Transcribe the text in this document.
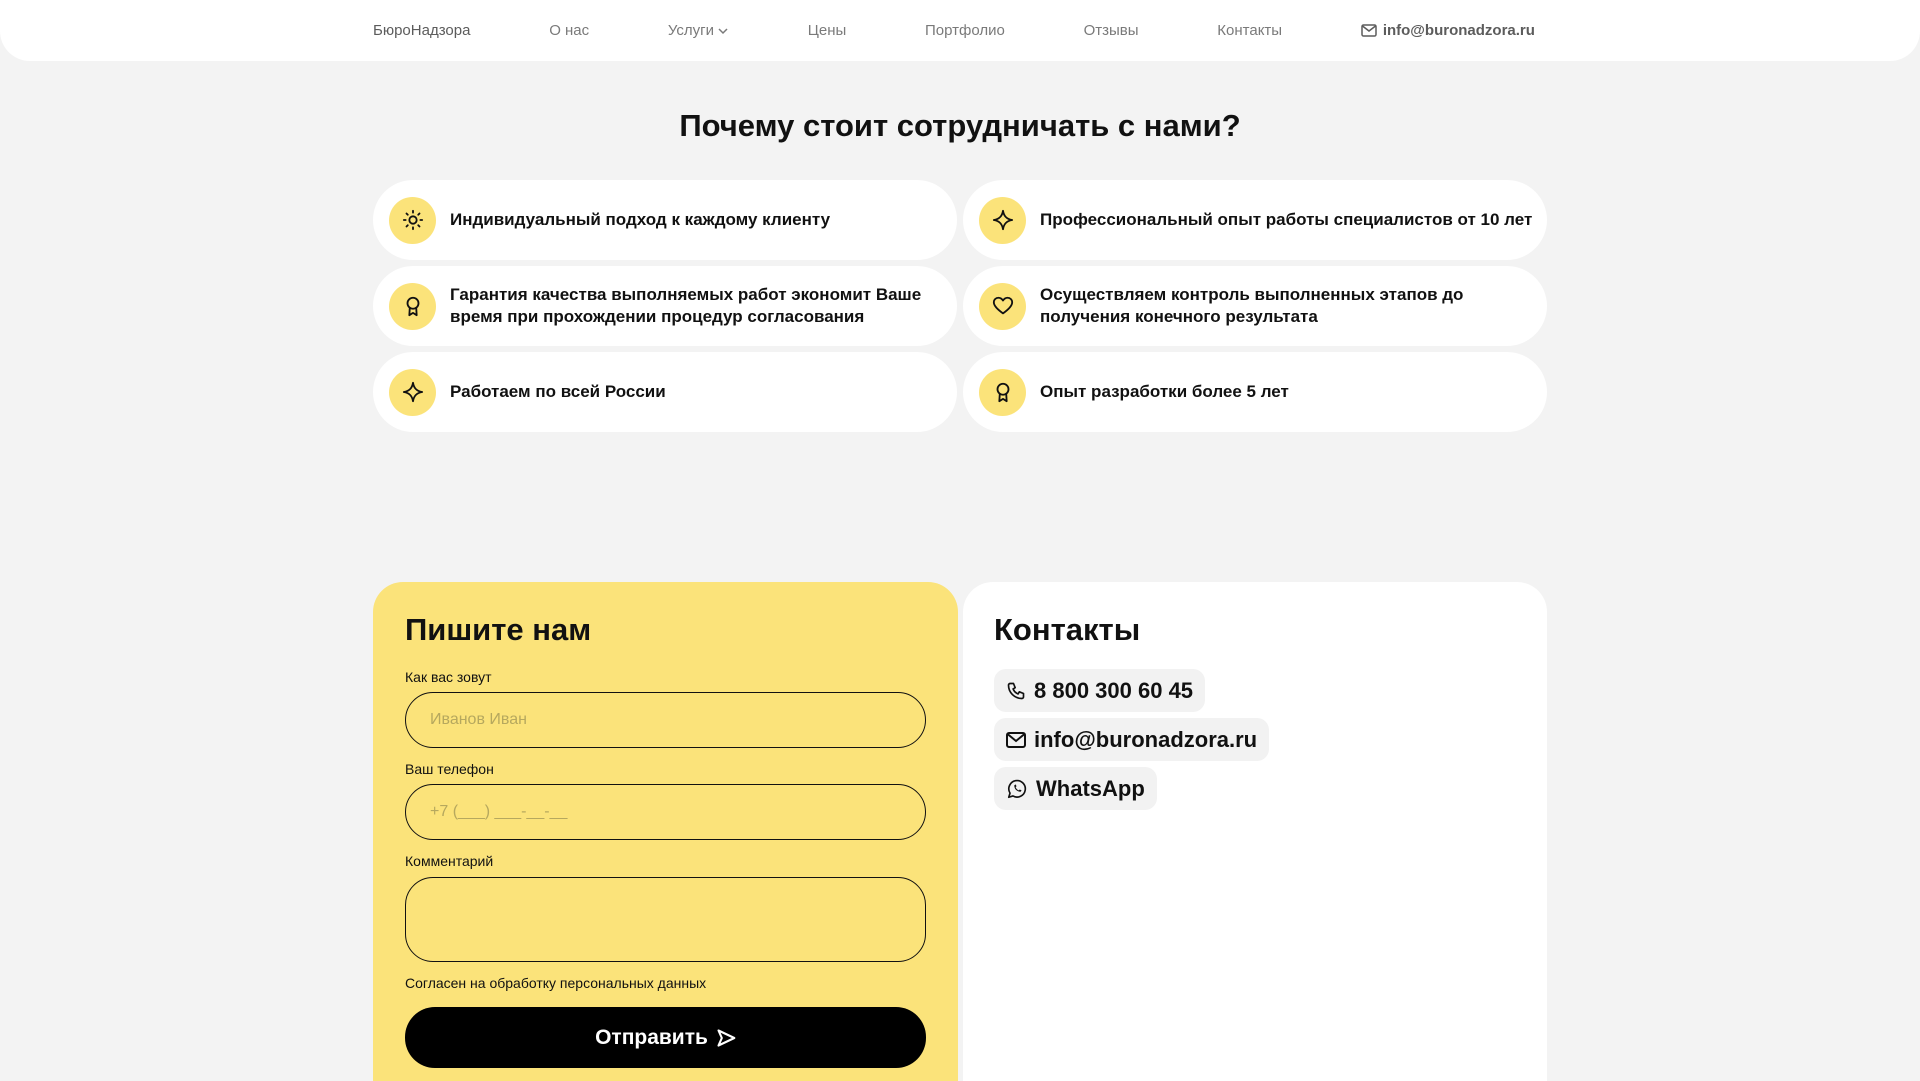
БюроНадзора	О нас	Услуги	Цены	Портфолио	Отзывы	Контакты	info@buronadzora.ru
Почему стоит сотрудничать с нами?
Индивидуальный подход к каждому клиенту	Профессиональный опыт работы специалистов от 10 лет
Гарантия качества выполняемых работ экономит Ваше время при прохождении процедур согласования
Осуществляем контроль выполненных этапов до получения конечного результата
Работаем по всей России	Опыт разработки более 5 лет
Пишите нам
Как вас зовут
Иванов Иван
Ваш телефон
+7 (___) ___-__-__
Комментарий
Согласен на обработку персональных данных
Отправить
Контакты
8 800 300 60 45
info@buronadzora.ru
WhatsApp
